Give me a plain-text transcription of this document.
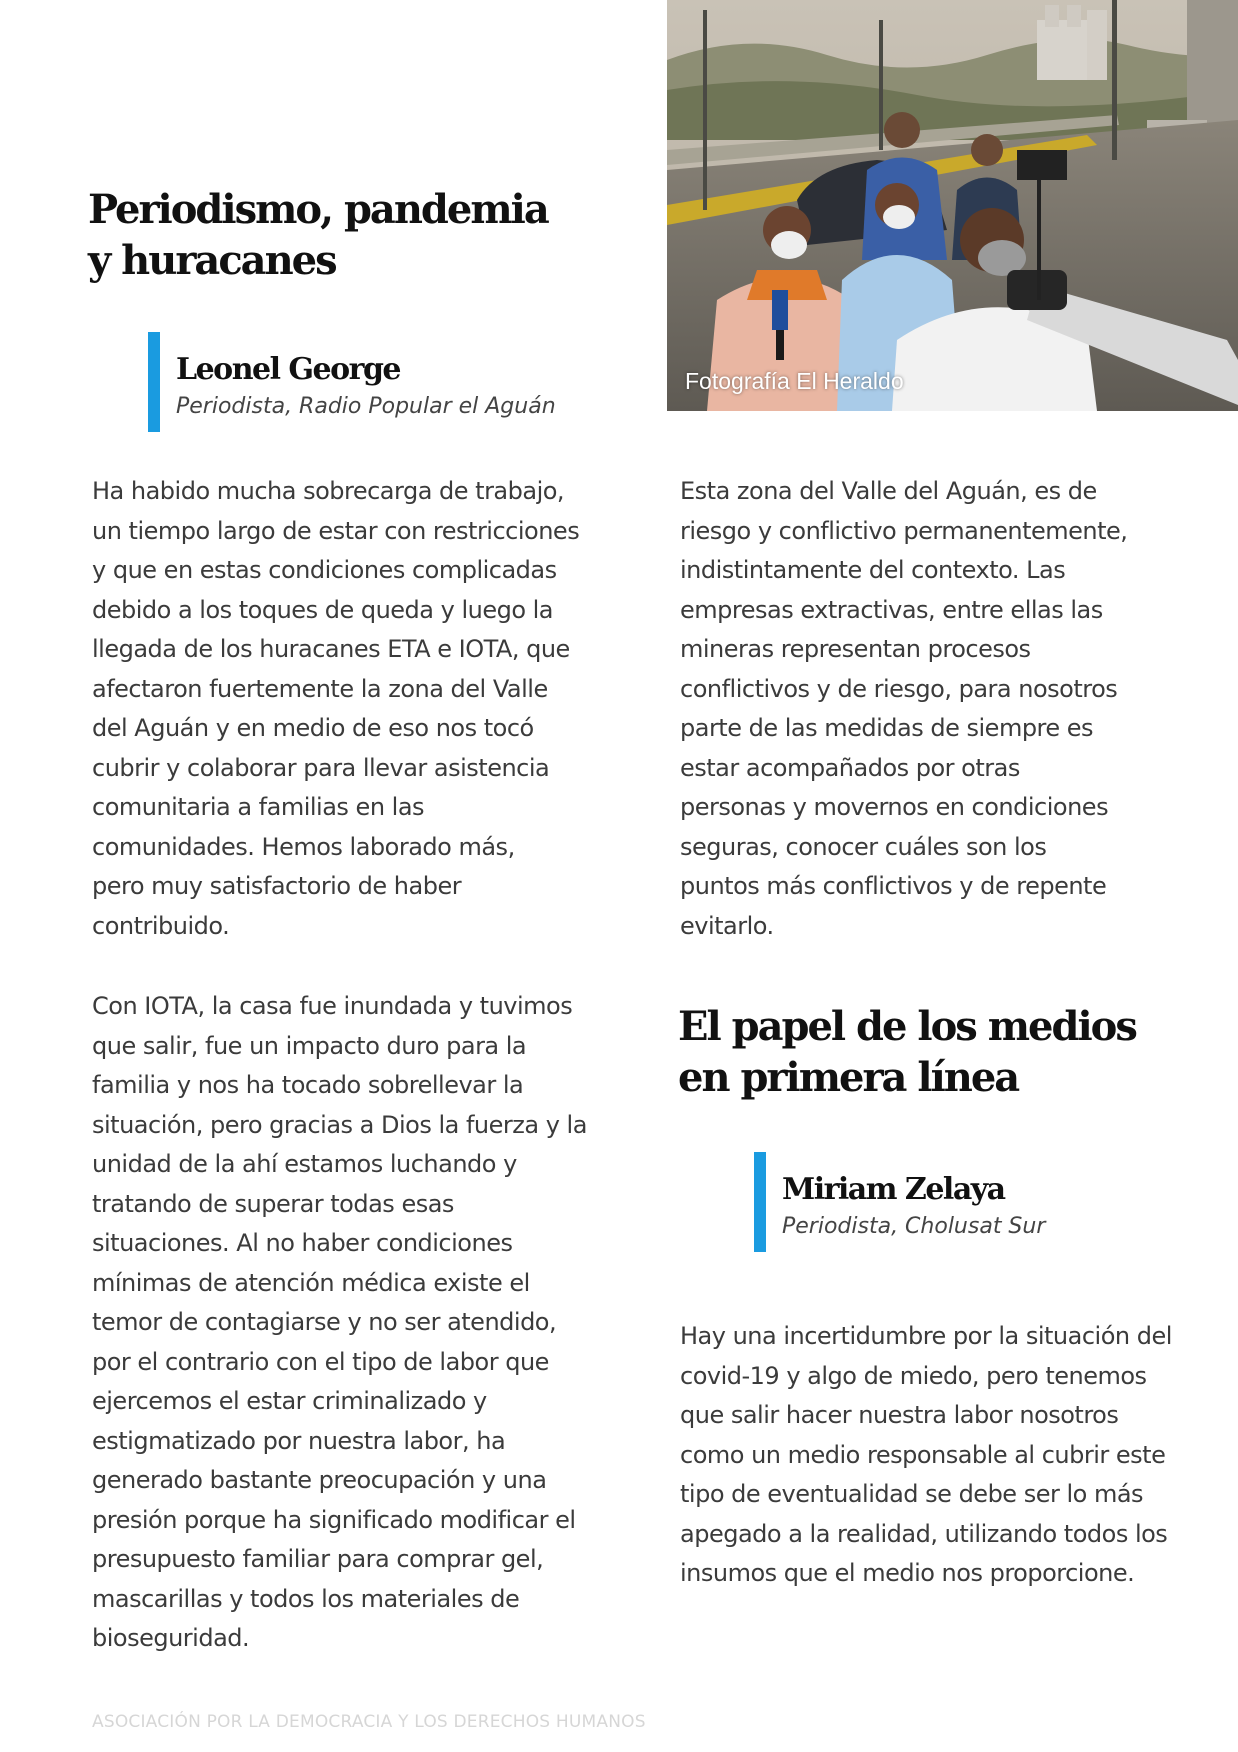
Periodismo, pandemia
y huracanes
Leonel George
Periodista, Radio Popular el Aguán
Fotografía El Heraldo
Ha habido mucha sobrecarga de trabajo,
un tiempo largo de estar con restricciones
y que en estas condiciones complicadas
debido a los toques de queda y luego la
llegada de los huracanes ETA e IOTA, que
afectaron fuertemente la zona del Valle
del Aguán y en medio de eso nos tocó
cubrir y colaborar para llevar asistencia
comunitaria a familias en las
comunidades. Hemos laborado más,
pero muy satisfactorio de haber
contribuido.
Con IOTA, la casa fue inundada y tuvimos
que salir, fue un impacto duro para la
familia y nos ha tocado sobrellevar la
situación, pero gracias a Dios la fuerza y la
unidad de la ahí estamos luchando y
tratando de superar todas esas
situaciones. Al no haber condiciones
mínimas de atención médica existe el
temor de contagiarse y no ser atendido,
por el contrario con el tipo de labor que
ejercemos el estar criminalizado y
estigmatizado por nuestra labor, ha
generado bastante preocupación y una
presión porque ha significado modificar el
presupuesto familiar para comprar gel,
mascarillas y todos los materiales de
bioseguridad.
Esta zona del Valle del Aguán, es de
riesgo y conflictivo permanentemente,
indistintamente del contexto. Las
empresas extractivas, entre ellas las
mineras representan procesos
conflictivos y de riesgo, para nosotros
parte de las medidas de siempre es
estar acompañados por otras
personas y movernos en condiciones
seguras, conocer cuáles son los
puntos más conflictivos y de repente
evitarlo.
El papel de los medios
en primera línea
Miriam Zelaya
Periodista, Cholusat Sur
Hay una incertidumbre por la situación del
covid-19 y algo de miedo, pero tenemos
que salir hacer nuestra labor nosotros
como un medio responsable al cubrir este
tipo de eventualidad se debe ser lo más
apegado a la realidad, utilizando todos los
insumos que el medio nos proporcione.
ASOCIACIÓN POR LA DEMOCRACIA Y LOS DERECHOS HUMANOS
